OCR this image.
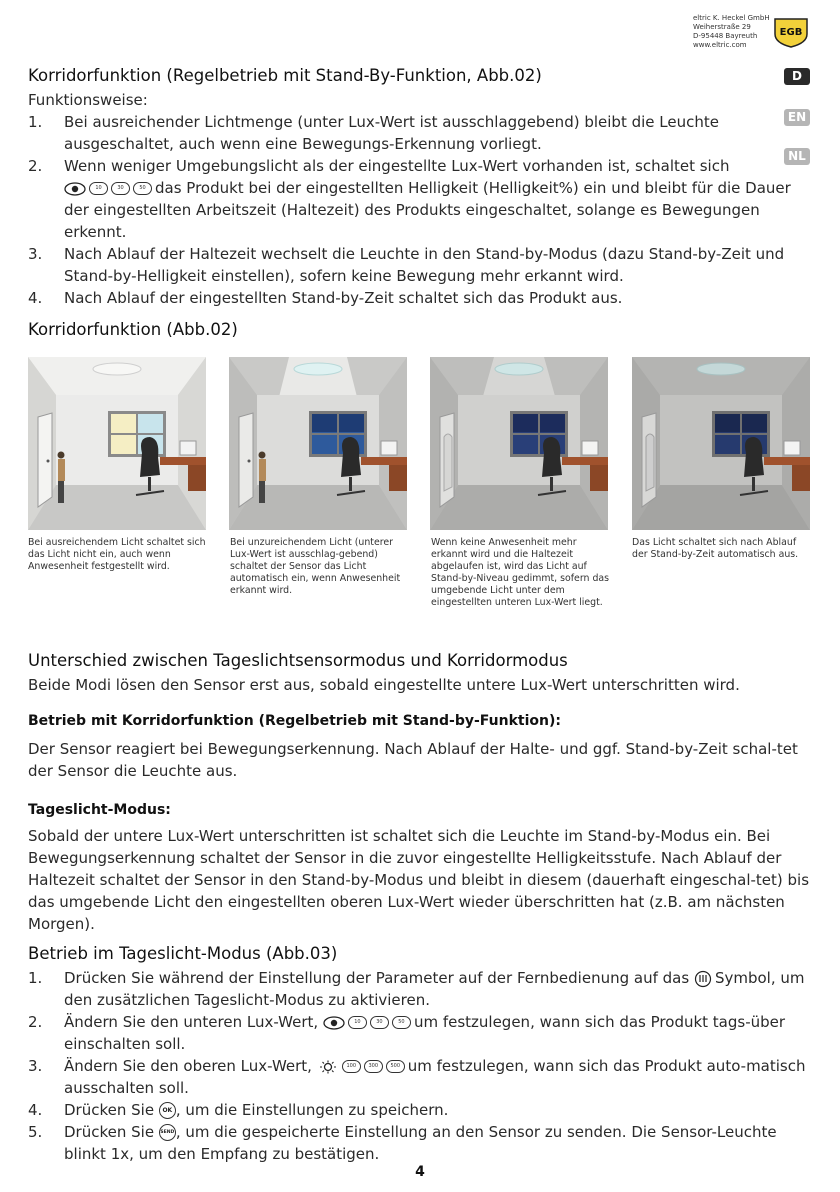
eltric K. Heckel GmbH
Weiherstraße 29
D-95448 Bayreuth
www.eltric.com
EGB
D
EN
NL
Korridorfunktion (Regelbetrieb mit Stand-By-Funktion, Abb.02)
Funktionsweise:
1. Bei ausreichender Lichtmenge (unter Lux-Wert ist ausschlaggebend) bleibt die Leuchte ausgeschaltet, auch wenn eine Bewegungs-Erkennung vorliegt.
2. Wenn weniger Umgebungslicht als der eingestellte Lux-Wert vorhanden ist, schaltet sich
10	30	50 das Produkt bei der eingestellten Helligkeit (Helligkeit%) ein und bleibt für die Dauer der eingestellten Arbeitszeit (Haltezeit) des Produkts eingeschaltet, solange es Bewegungen erkennt.
3. Nach Ablauf der Haltezeit wechselt die Leuchte in den Stand-by-Modus (dazu Stand-by-Zeit und Stand-by-Helligkeit einstellen), sofern keine Bewegung mehr erkannt wird.
4. Nach Ablauf der eingestellten Stand-by-Zeit schaltet sich das Produkt aus.
Korridorfunktion (Abb.02)
Bei ausreichendem Licht schaltet sich das Licht nicht ein, auch wenn Anwesenheit festgestellt wird.
Bei unzureichendem Licht (unterer Lux-Wert ist ausschlag-gebend) schaltet der Sensor das Licht automatisch ein, wenn Anwesenheit erkannt wird.
Wenn keine Anwesenheit mehr erkannt wird und die Haltezeit abgelaufen ist, wird das Licht auf Stand-by-Niveau gedimmt, sofern das umgebende Licht unter dem eingestellten unteren Lux-Wert liegt.
Das Licht schaltet sich nach Ablauf der Stand-by-Zeit automatisch aus.
Unterschied zwischen Tageslichtsensormodus und Korridormodus
Beide Modi lösen den Sensor erst aus, sobald eingestellte untere Lux-Wert unterschritten wird.
Betrieb mit Korridorfunktion (Regelbetrieb mit Stand-by-Funktion):
Der Sensor reagiert bei Bewegungserkennung. Nach Ablauf der Halte- und ggf. Stand-by-Zeit schal-tet der Sensor die Leuchte aus.
Tageslicht-Modus:
Sobald der untere Lux-Wert unterschritten ist schaltet sich die Leuchte im Stand-by-Modus ein. Bei Bewegungserkennung schaltet der Sensor in die zuvor eingestellte Helligkeitsstufe. Nach Ablauf der Haltezeit schaltet der Sensor in den Stand-by-Modus und bleibt in diesem (dauerhaft eingeschal-tet) bis das umgebende Licht den eingestellten oberen Lux-Wert wieder überschritten hat (z.B. am nächsten Morgen).
Betrieb im Tageslicht-Modus (Abb.03)
1. Drücken Sie während der Einstellung der Parameter auf der Fernbedienung auf das Symbol, um den zusätzlichen Tageslicht-Modus zu aktivieren.
2. Ändern Sie den unteren Lux-Wert,	10	30	50 um festzulegen, wann sich das Produkt tags-über einschalten soll.
3. Ändern Sie den oberen Lux-Wert,	100 300 500 um festzulegen, wann sich das Produkt auto-matisch ausschalten soll.
4. Drücken Sie OK , um die Einstellungen zu speichern.
5. Drücken Sie SEND , um die gespeicherte Einstellung an den Sensor zu senden. Die Sensor-Leuchte blinkt 1x, um den Empfang zu bestätigen.
4
